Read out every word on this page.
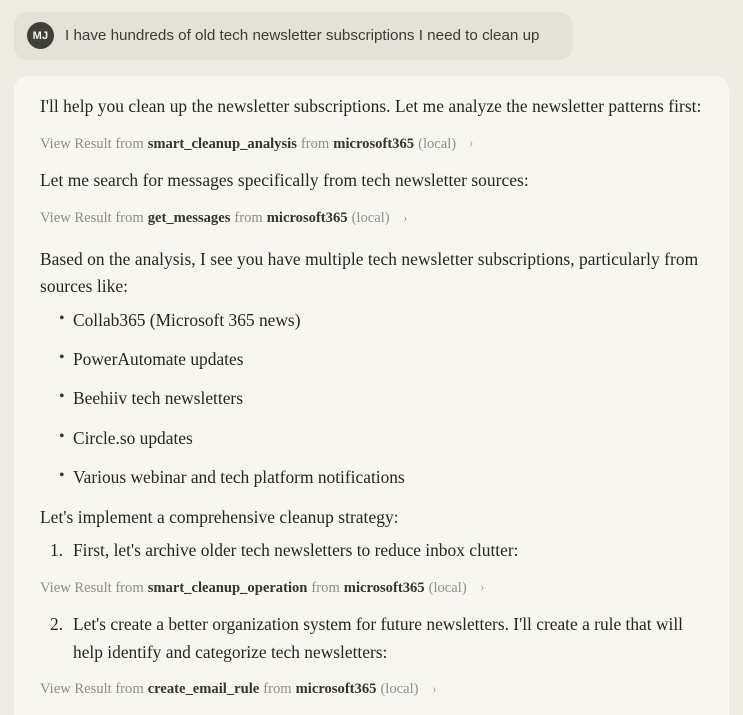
MJ	I have hundreds of old tech newsletter subscriptions I need to clean up

I'll help you clean up the newsletter subscriptions. Let me analyze the newsletter patterns first:

View Result from smart_cleanup_analysis from microsoft365 (local) ›

Let me search for messages specifically from tech newsletter sources:

View Result from get_messages from microsoft365 (local) ›

Based on the analysis, I see you have multiple tech newsletter subscriptions, particularly from sources like:

• Collab365 (Microsoft 365 news)
• PowerAutomate updates
• Beehiiv tech newsletters
• Circle.so updates
• Various webinar and tech platform notifications

Let's implement a comprehensive cleanup strategy:

First, let's archive older tech newsletters to reduce inbox clutter:
View Result from smart_cleanup_operation from microsoft365 (local) ›
Let's create a better organization system for future newsletters. I'll create a rule that will help identify and categorize tech newsletters:
View Result from create_email_rule from microsoft365 (local) ›
